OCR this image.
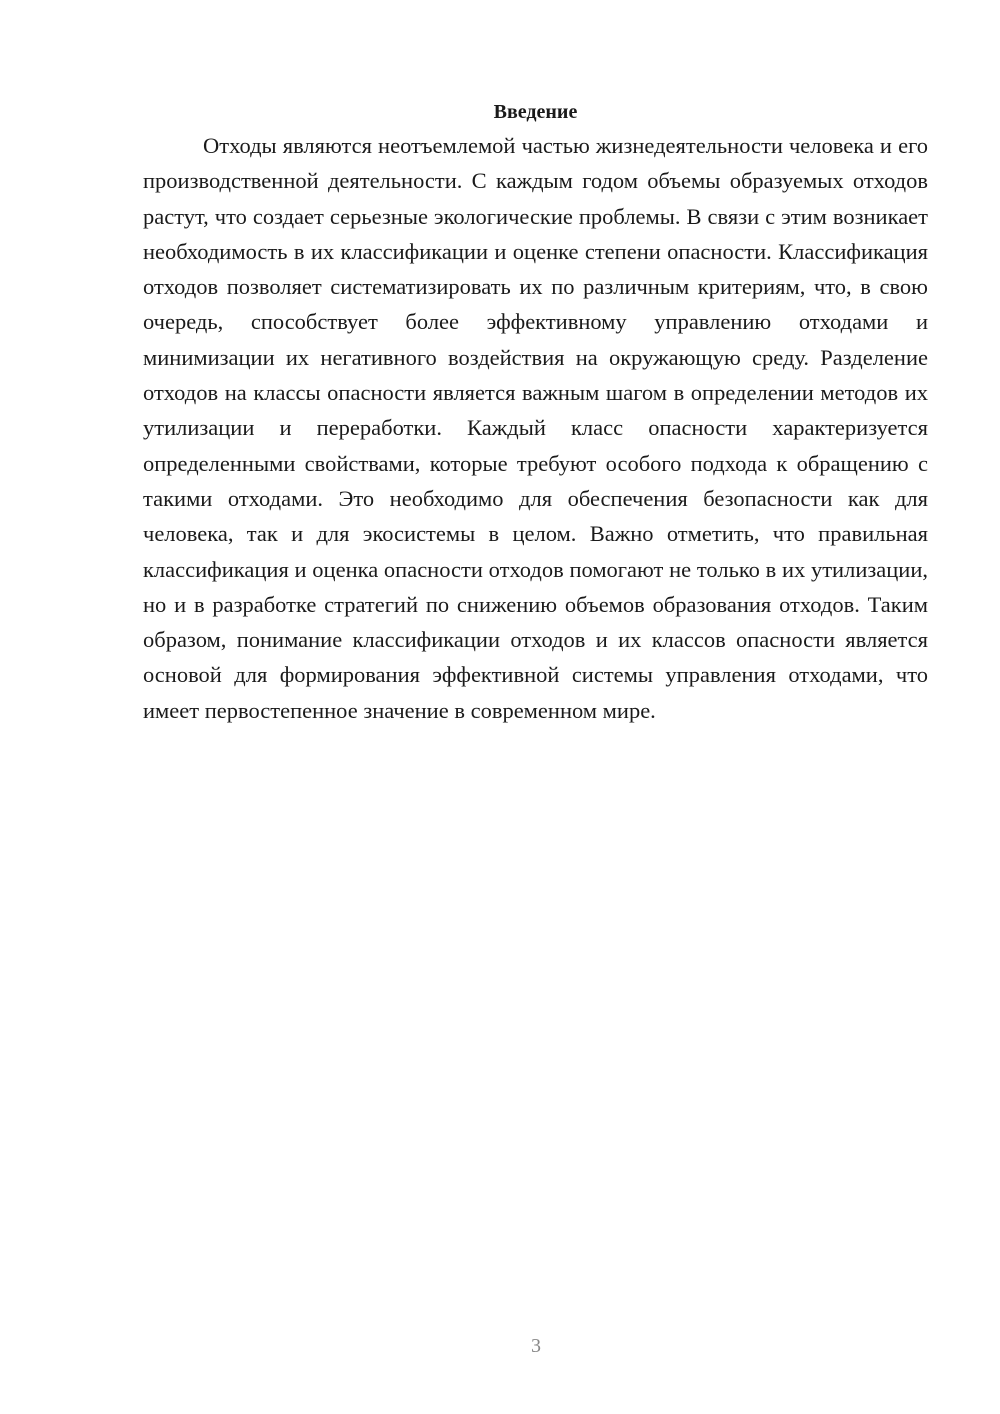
Введение

Отходы являются неотъемлемой частью жизнедеятельности человека и его производственной деятельности. С каждым годом объемы образуемых отходов растут, что создает серьезные экологические проблемы. В связи с этим возникает необходимость в их классификации и оценке степени опасности. Классификация отходов позволяет систематизировать их по различным критериям, что, в свою очередь, способствует более эффективному управлению отходами и минимизации их негативного воздействия на окружающую среду. Разделение отходов на классы опасности является важным шагом в определении методов их утилизации и переработки. Каждый класс опасности характеризуется определенными свойствами, которые требуют особого подхода к обращению с такими отходами. Это необходимо для обеспечения безопасности как для человека, так и для экосистемы в целом. Важно отметить, что правильная классификация и оценка опасности отходов помогают не только в их утилизации, но и в разработке стратегий по снижению объемов образования отходов. Таким образом, понимание классификации отходов и их классов опасности является основой для формирования эффективной системы управления отходами, что имеет первостепенное значение в современном мире.

3
